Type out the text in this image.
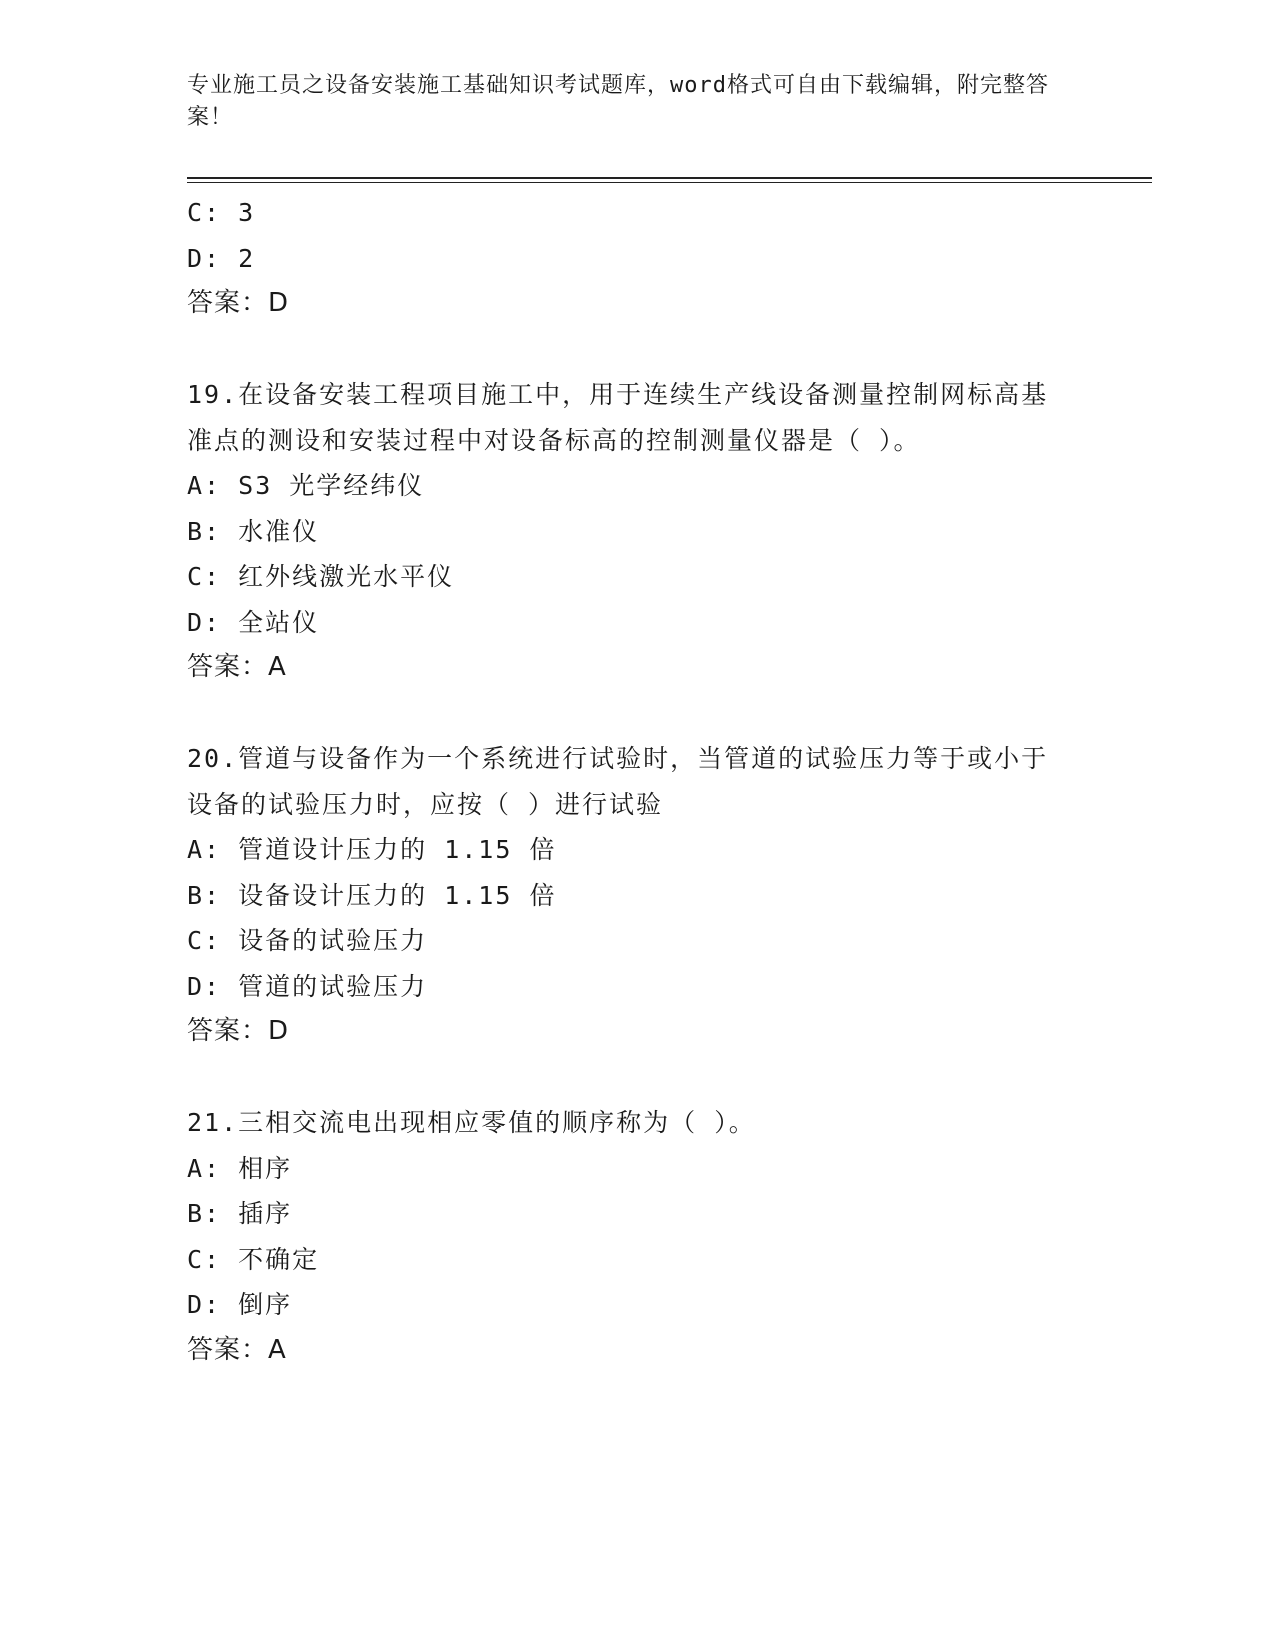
专业施工员之设备安装施工基础知识考试题库，word格式可自由下载编辑，附完整答案！
C: 3
D: 2
答案：D
19.在设备安装工程项目施工中，用于连续生产线设备测量控制网标高基准点的测设和安装过程中对设备标高的控制测量仪器是（ ）。
A: S3 光学经纬仪
B: 水准仪
C: 红外线激光水平仪
D: 全站仪
答案：A
20.管道与设备作为一个系统进行试验时，当管道的试验压力等于或小于设备的试验压力时，应按（ ）进行试验
A: 管道设计压力的 1.15 倍
B: 设备设计压力的 1.15 倍
C: 设备的试验压力
D: 管道的试验压力
答案：D
21.三相交流电出现相应零值的顺序称为（ ）。
A: 相序
B: 插序
C: 不确定
D: 倒序
答案：A
